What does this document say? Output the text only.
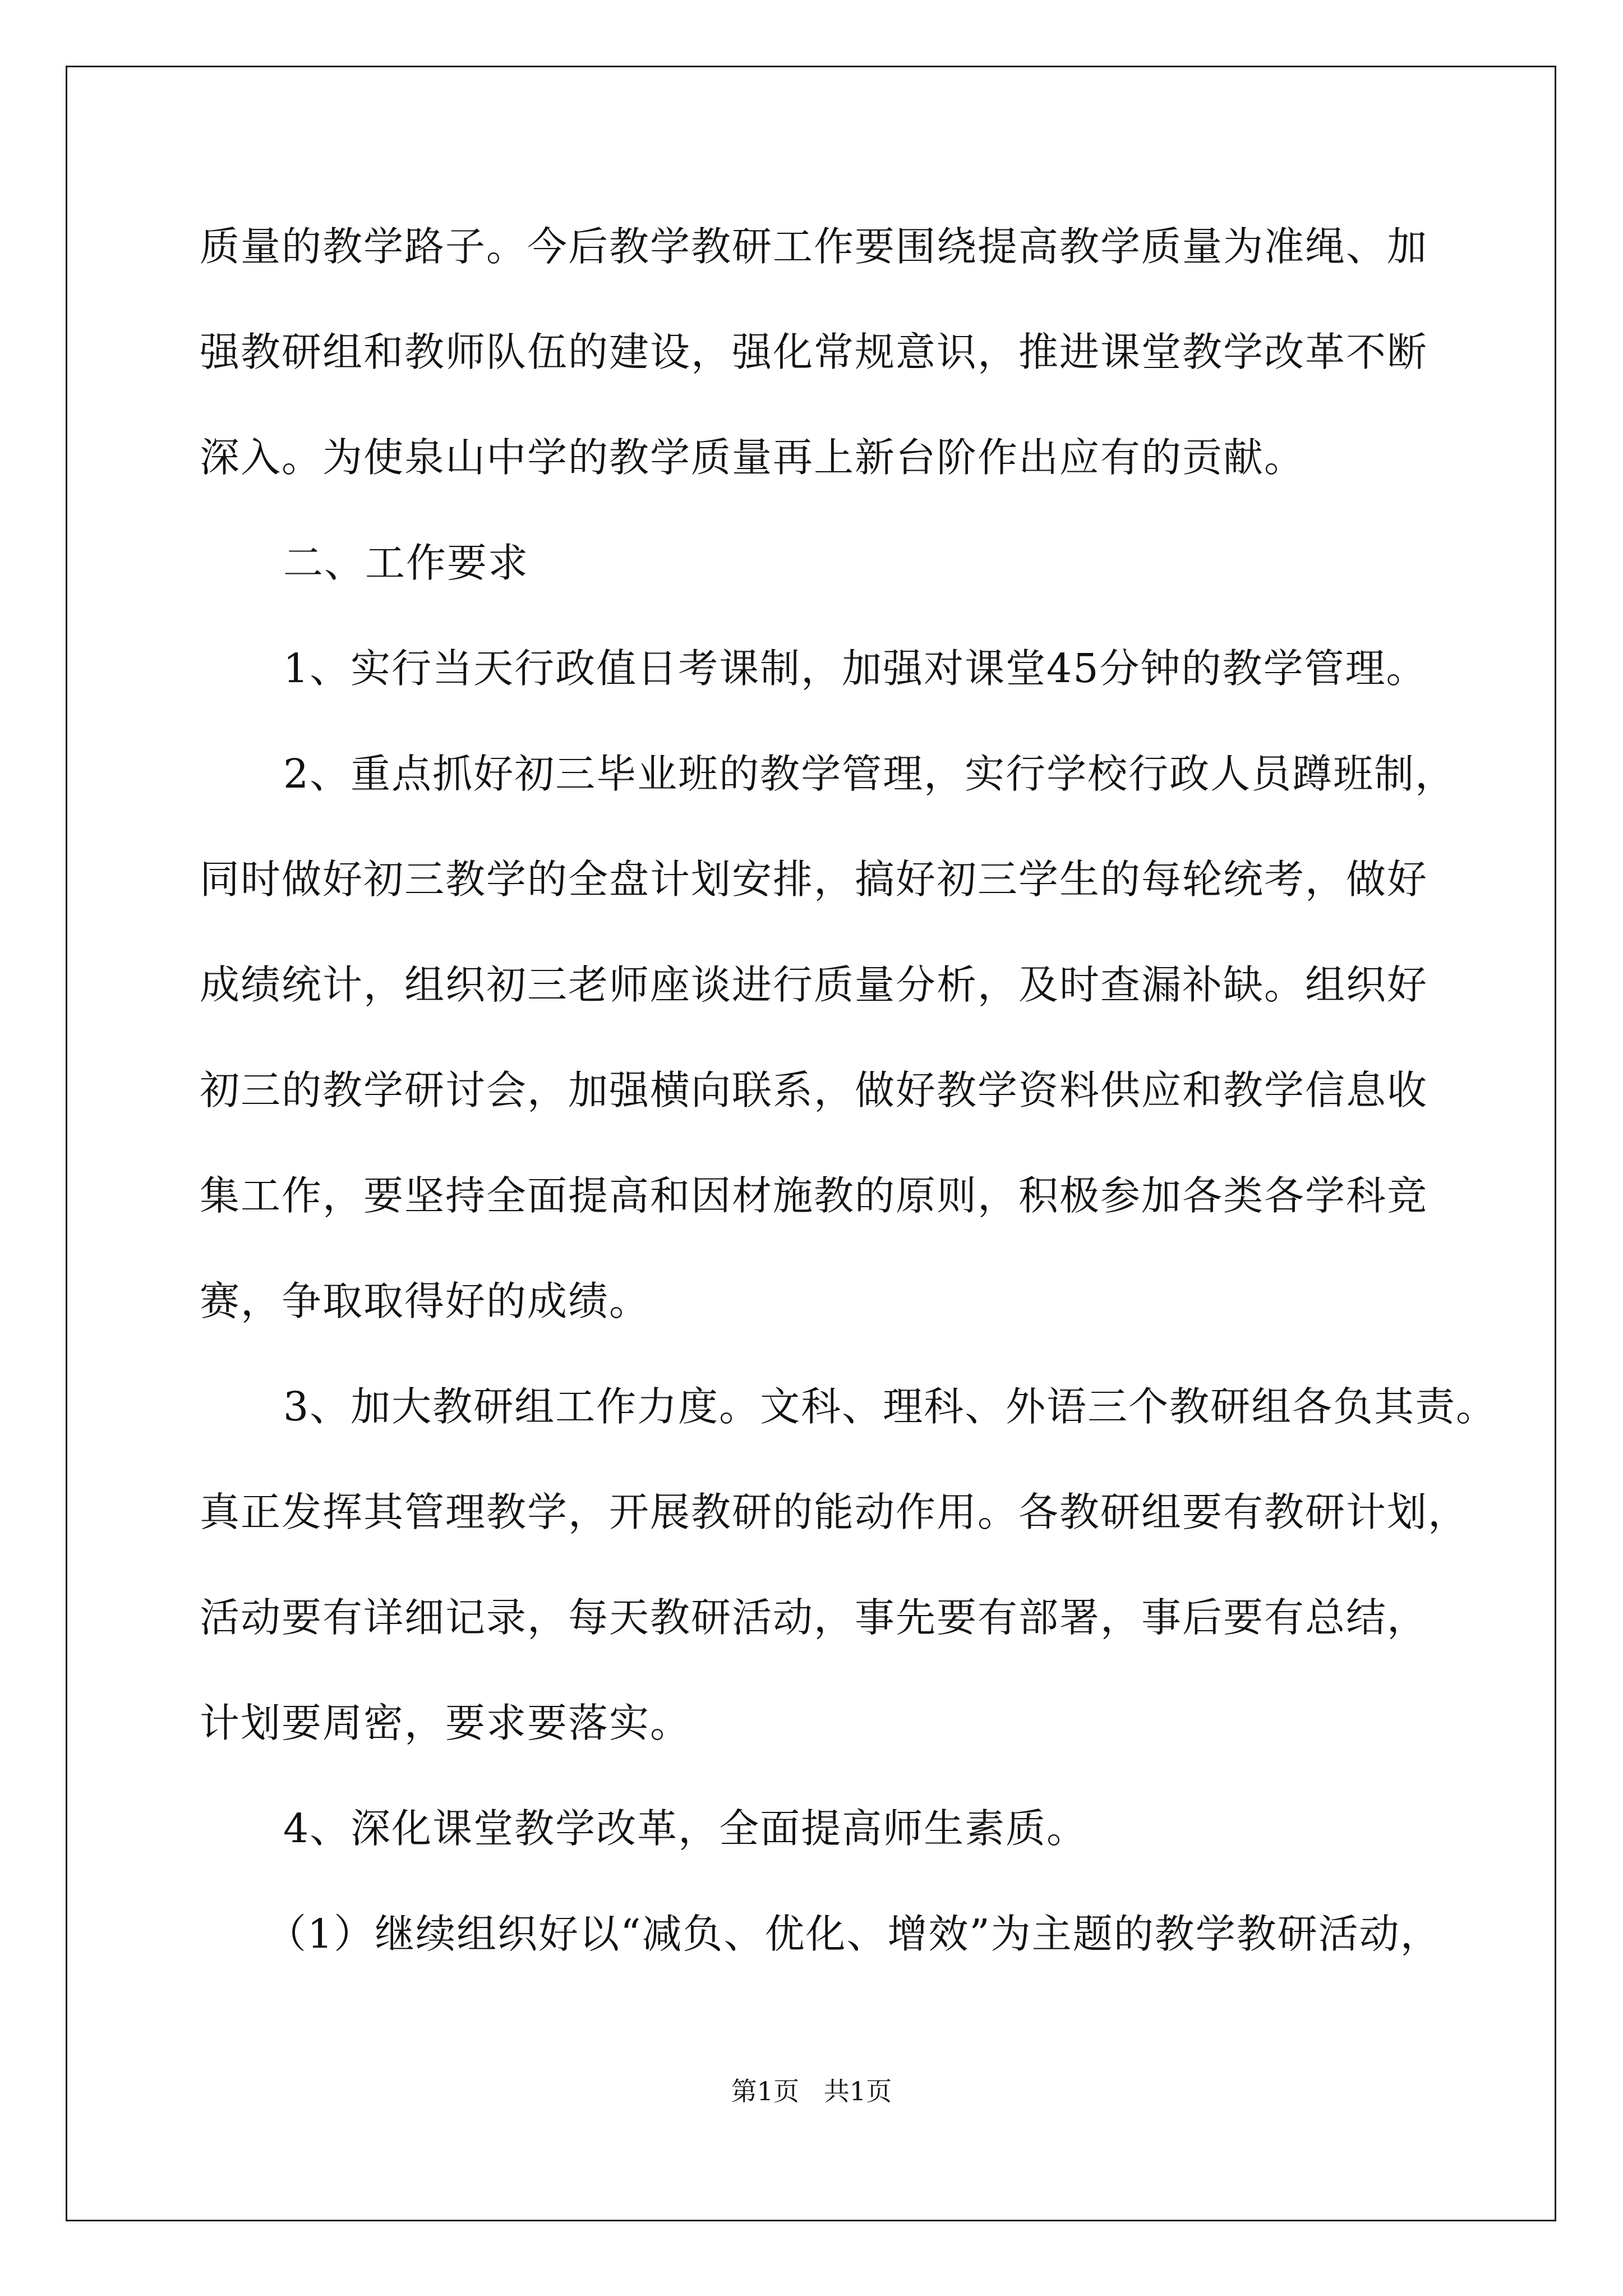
质量的教学路子。今后教学教研工作要围绕提高教学质量为准绳、加

强教研组和教师队伍的建设，强化常规意识，推进课堂教学改革不断

深入。为使泉山中学的教学质量再上新台阶作出应有的贡献。

二、工作要求

1、实行当天行政值日考课制，加强对课堂45分钟的教学管理。

2、重点抓好初三毕业班的教学管理，实行学校行政人员蹲班制，

同时做好初三教学的全盘计划安排，搞好初三学生的每轮统考，做好

成绩统计，组织初三老师座谈进行质量分析，及时查漏补缺。组织好

初三的教学研讨会，加强横向联系，做好教学资料供应和教学信息收

集工作，要坚持全面提高和因材施教的原则，积极参加各类各学科竞

赛，争取取得好的成绩。

3、加大教研组工作力度。文科、理科、外语三个教研组各负其责。

真正发挥其管理教学，开展教研的能动作用。各教研组要有教研计划，

活动要有详细记录，每天教研活动，事先要有部署，事后要有总结，

计划要周密，要求要落实。

4、深化课堂教学改革，全面提高师生素质。

（1）继续组织好以“减负、优化、增效”为主题的教学教研活动，

第1页   共1页
